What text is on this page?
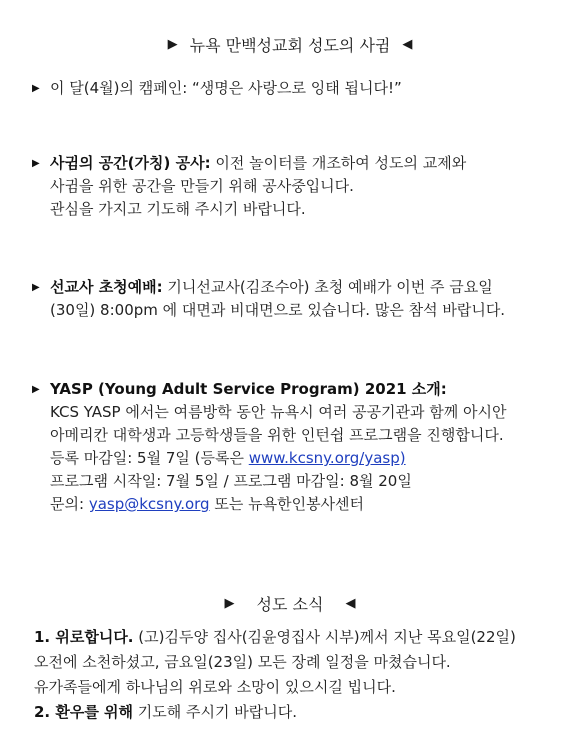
▶ 뉴욕 만백성교회 성도의 사귐 ◀
▶ 이 달(4월)의 캠페인: “생명은 사랑으로 잉태 됩니다!”
▶ 사귐의 공간(가칭) 공사: 이전 놀이터를 개조하여 성도의 교제와
사귐을 위한 공간을 만들기 위해 공사중입니다.
관심을 가지고 기도해 주시기 바랍니다.
▶ 선교사 초청예배: 기니선교사(김조수아) 초청 예배가 이번 주 금요일
(30일) 8:00pm 에 대면과 비대면으로 있습니다. 많은 참석 바랍니다.
▶ YASP (Young Adult Service Program) 2021 소개:
KCS YASP 에서는 여름방학 동안 뉴욕시 여러 공공기관과 함께 아시안
아메리칸 대학생과 고등학생들을 위한 인턴쉽 프로그램을 진행합니다.
등록 마감일: 5월 7일 (등록은 www.kcsny.org/yasp)
프로그램 시작일: 7월 5일 / 프로그램 마감일: 8월 20일
문의: yasp@kcsny.org 또는 뉴욕한인봉사센터
▶ 성도 소식 ◀
1. 위로합니다. (고)김두양 집사(김윤영집사 시부)께서 지난 목요일(22일)
오전에 소천하셨고, 금요일(23일) 모든 장례 일정을 마쳤습니다.
유가족들에게 하나님의 위로와 소망이 있으시길 빕니다.
2. 환우를 위해 기도해 주시기 바랍니다.
